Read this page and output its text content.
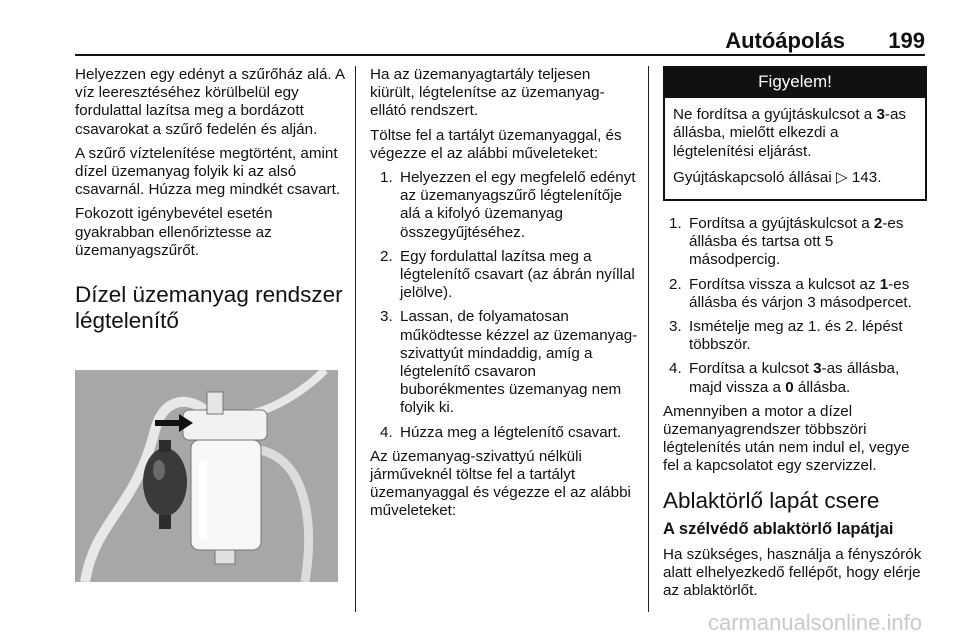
Autóápolás 199

Helyezzen egy edényt a szűrőház alá. A víz leeresztéséhez körülbelül egy fordulattal lazítsa meg a bordázott csavarokat a szűrő fedelén és alján.

A szűrő víztelenítése megtörtént, amint dízel üzemanyag folyik ki az alsó csavarnál. Húzza meg mindkét csavart.

Fokozott igénybevétel esetén gyakrabban ellenőriztesse az üzemanyagszűrőt.

Dízel üzemanyag rendszer
légtelenítő

Ha az üzemanyagtartály teljesen kiürült, légtelenítse az üzemanyag-ellátó rendszert.

Töltse fel a tartályt üzemanyaggal, és végezze el az alábbi műveleteket:

1. Helyezzen el egy megfelelő edényt az üzemanyagszűrő légtelenítője alá a kifolyó üzemanyag összegyűjtéséhez.
2. Egy fordulattal lazítsa meg a légtelenítő csavart (az ábrán nyíllal jelölve).
3. Lassan, de folyamatosan működtesse kézzel az üzemanyag-szivattyút mindaddig, amíg a légtelenítő csavaron buborékmentes üzemanyag nem folyik ki.
4. Húzza meg a légtelenítő csavart.

Az üzemanyag-szivattyú nélküli járműveknél töltse fel a tartályt üzemanyaggal és végezze el az alábbi műveleteket:

Figyelem!

Ne fordítsa a gyújtáskulcsot a 3-as állásba, mielőtt elkezdi a légtelenítési eljárást.

Gyújtáskapcsoló állásai ▷ 143.

1. Fordítsa a gyújtáskulcsot a 2-es állásba és tartsa ott 5 másodpercig.
2. Fordítsa vissza a kulcsot az 1-es állásba és várjon 3 másodpercet.
3. Ismételje meg az 1. és 2. lépést többször.
4. Fordítsa a kulcsot 3-as állásba, majd vissza a 0 állásba.

Amennyiben a motor a dízel üzemanyagrendszer többszöri légtelenítés után nem indul el, vegye fel a kapcsolatot egy szervizzel.

Ablaktörlő lapát csere
A szélvédő ablaktörlő lapátjai

Ha szükséges, használja a fényszórók alatt elhelyezkedő fellépőt, hogy elérje az ablaktörlőt.

carmanualsonline.info
